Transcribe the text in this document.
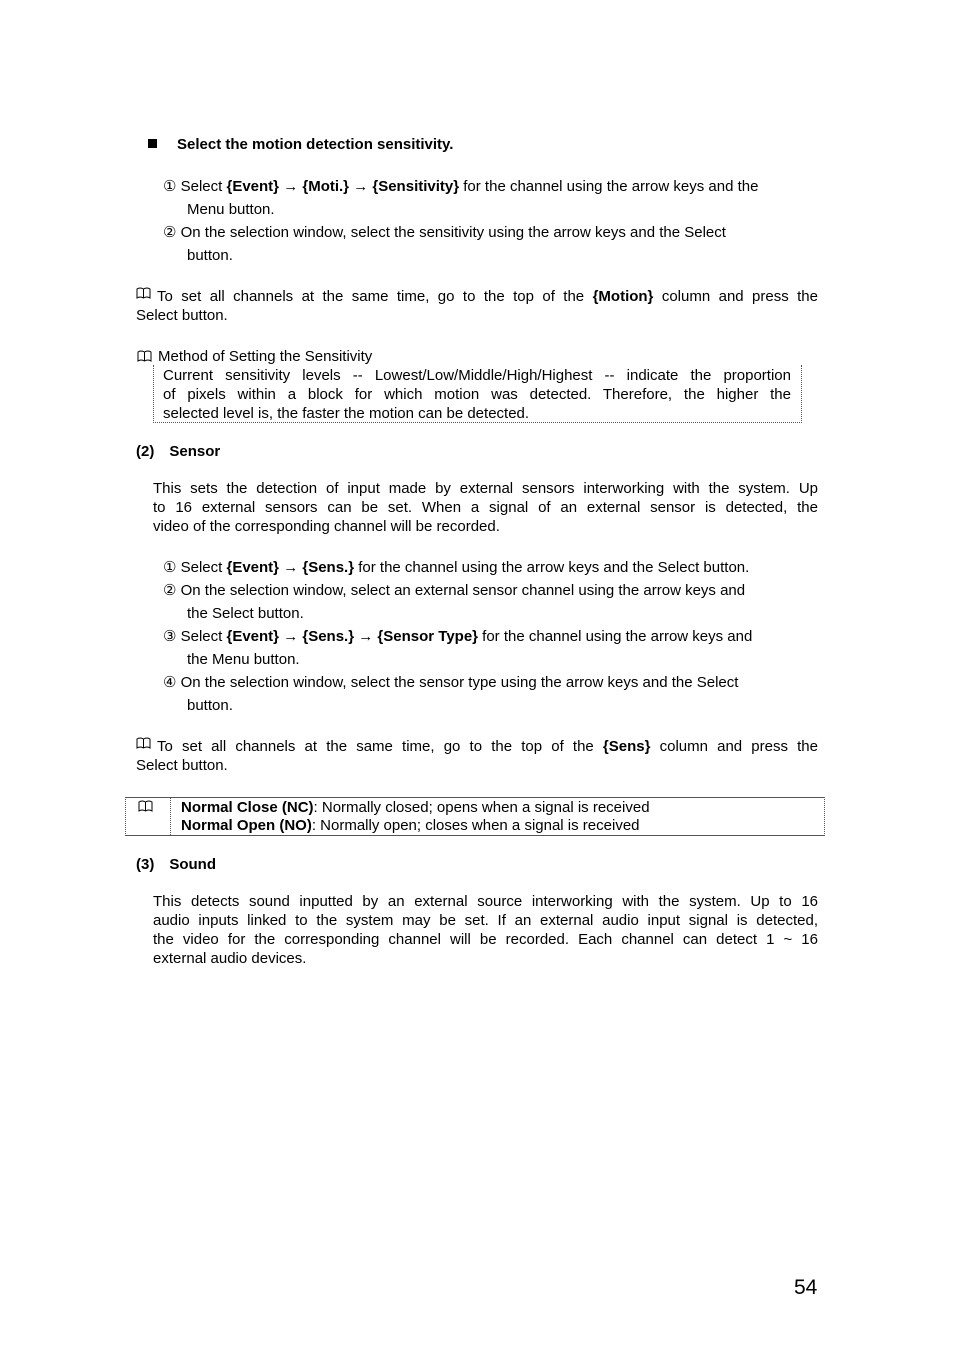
Select the motion detection sensitivity.
① Select {Event} → {Moti.} → {Sensitivity} for the channel using the arrow keys and the
Menu button.
② On the selection window, select the sensitivity using the arrow keys and the Select
button.
To set all channels at the same time, go to the top of the {Motion} column and press the
Select button.
Method of Setting the Sensitivity
Current sensitivity levels -- Lowest/Low/Middle/High/Highest -- indicate the proportion
of pixels within a block for which motion was detected. Therefore, the higher the
selected level is, the faster the motion can be detected.
(2) Sensor
This sets the detection of input made by external sensors interworking with the system. Up
to 16 external sensors can be set. When a signal of an external sensor is detected, the
video of the corresponding channel will be recorded.
① Select {Event} → {Sens.} for the channel using the arrow keys and the Select button.
② On the selection window, select an external sensor channel using the arrow keys and
the Select button.
③ Select {Event} → {Sens.} → {Sensor Type} for the channel using the arrow keys and
the Menu button.
④ On the selection window, select the sensor type using the arrow keys and the Select
button.
To set all channels at the same time, go to the top of the {Sens} column and press the
Select button.
Normal Close (NC): Normally closed; opens when a signal is received
Normal Open (NO): Normally open; closes when a signal is received
(3) Sound
This detects sound inputted by an external source interworking with the system. Up to 16
audio inputs linked to the system may be set. If an external audio input signal is detected,
the video for the corresponding channel will be recorded. Each channel can detect 1 ~ 16
external audio devices.
54
